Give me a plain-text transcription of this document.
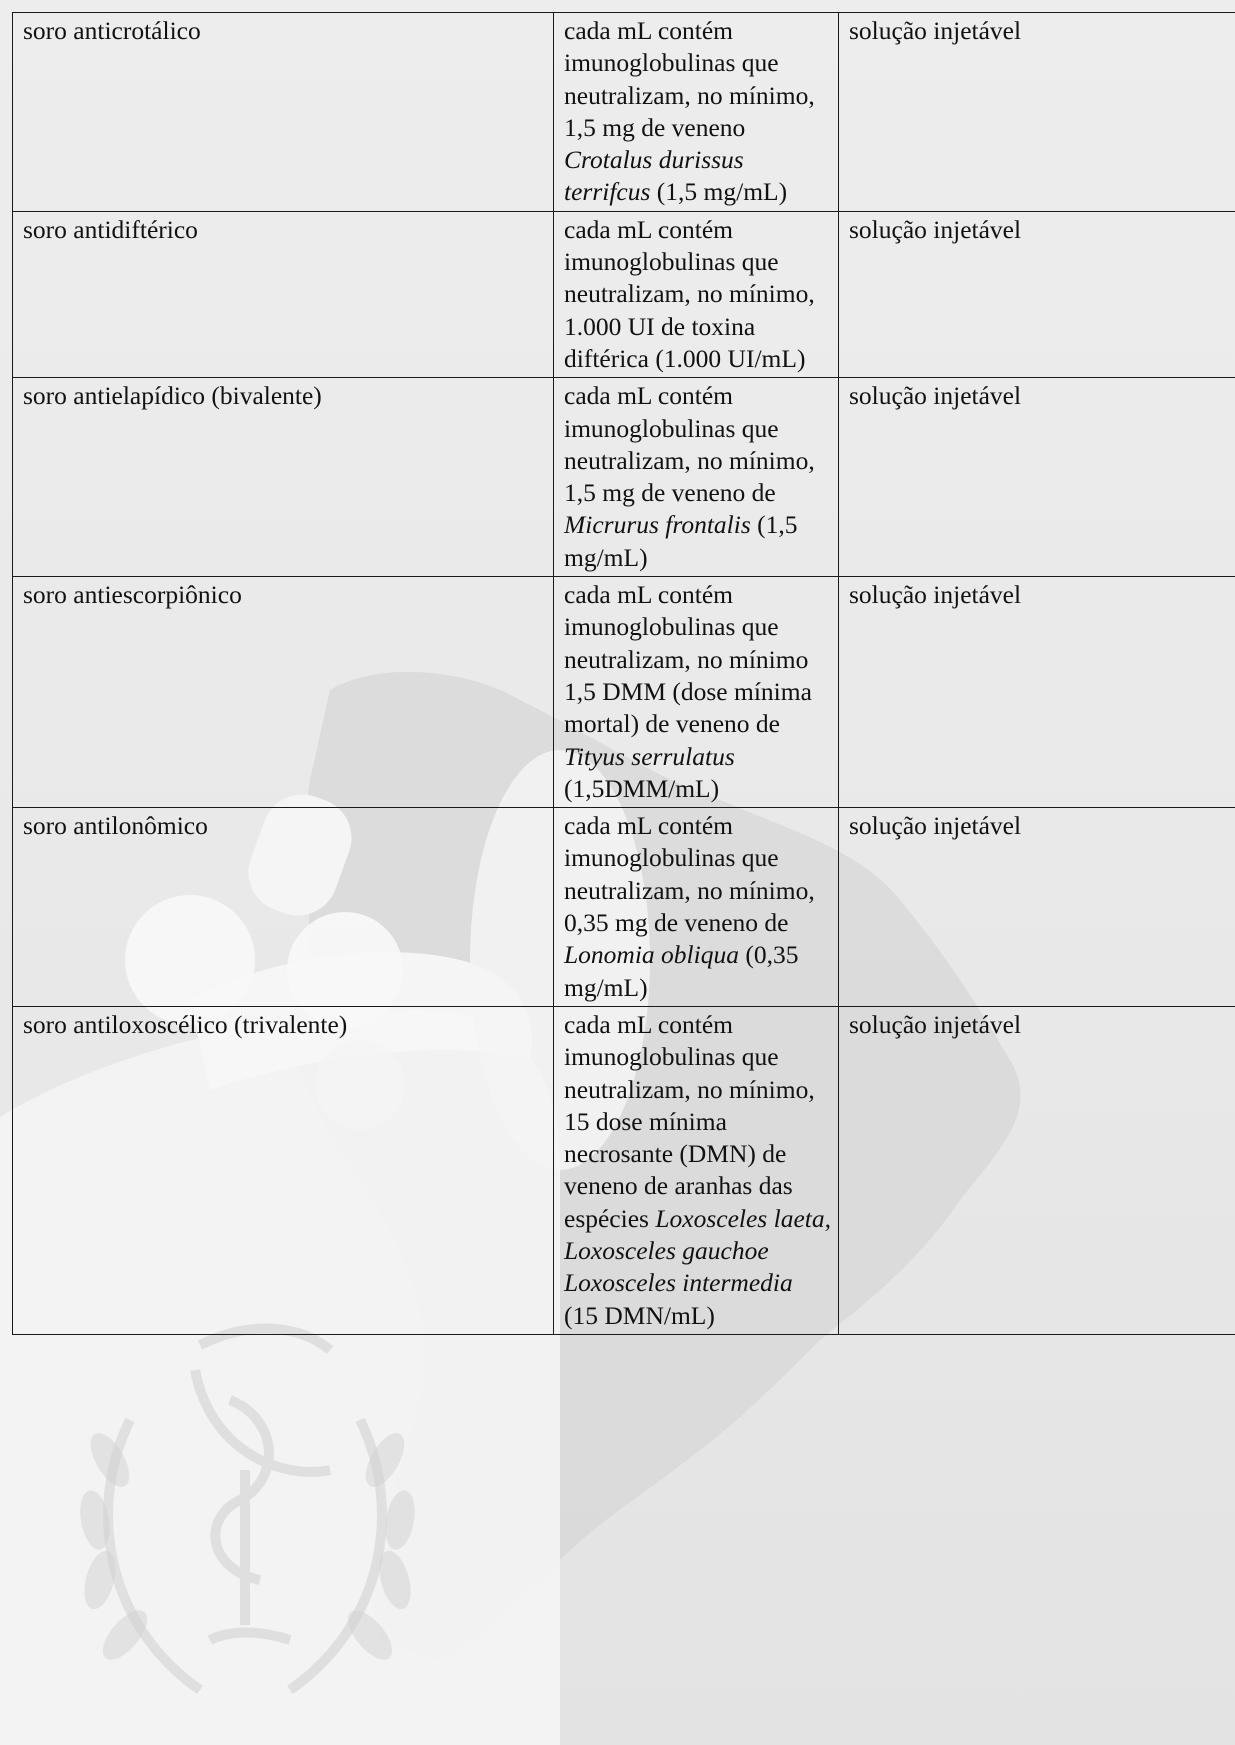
soro anticrotálico	cada mL contém imunoglobulinas que neutralizam, no mínimo, 1,5 mg de veneno Crotalus durissus terrifcus (1,5 mg/mL)	solução injetável
soro antidiftérico	cada mL contém imunoglobulinas que neutralizam, no mínimo, 1.000 UI de toxina diftérica (1.000 UI/mL)	solução injetável
soro antielapídico (bivalente)	cada mL contém imunoglobulinas que neutralizam, no mínimo, 1,5 mg de veneno de Micrurus frontalis (1,5 mg/mL)	solução injetável
soro antiescorpiônico	cada mL contém imunoglobulinas que neutralizam, no mínimo 1,5 DMM (dose mínima mortal) de veneno de Tityus serrulatus (1,5DMM/mL)	solução injetável
soro antilonômico	cada mL contém imunoglobulinas que neutralizam, no mínimo, 0,35 mg de veneno de Lonomia obliqua (0,35 mg/mL)	solução injetável
soro antiloxoscélico (trivalente)	cada mL contém imunoglobulinas que neutralizam, no mínimo, 15 dose mínima necrosante (DMN) de veneno de aranhas das espécies Loxosceles laeta, Loxosceles gauchoe Loxosceles intermedia (15 DMN/mL)	solução injetável
